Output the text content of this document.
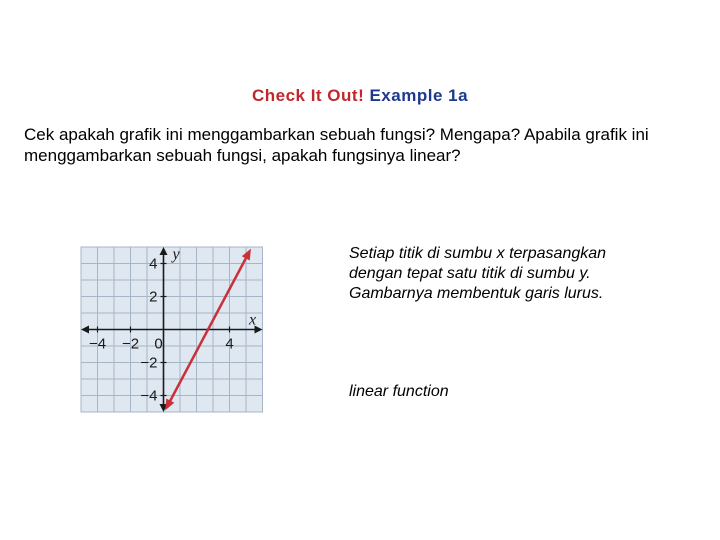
Check It Out! Example 1a
Cek apakah grafik ini menggambarkan sebuah fungsi? Mengapa? Apabila grafik ini menggambarkan sebuah fungsi, apakah fungsinya linear?
−4 −2 0	4
4
2
−2
−4
x
y	Setiap titik di sumbu x terpasangkan dengan tepat satu titik di sumbu y. Gambarnya membentuk garis lurus.
linear function
